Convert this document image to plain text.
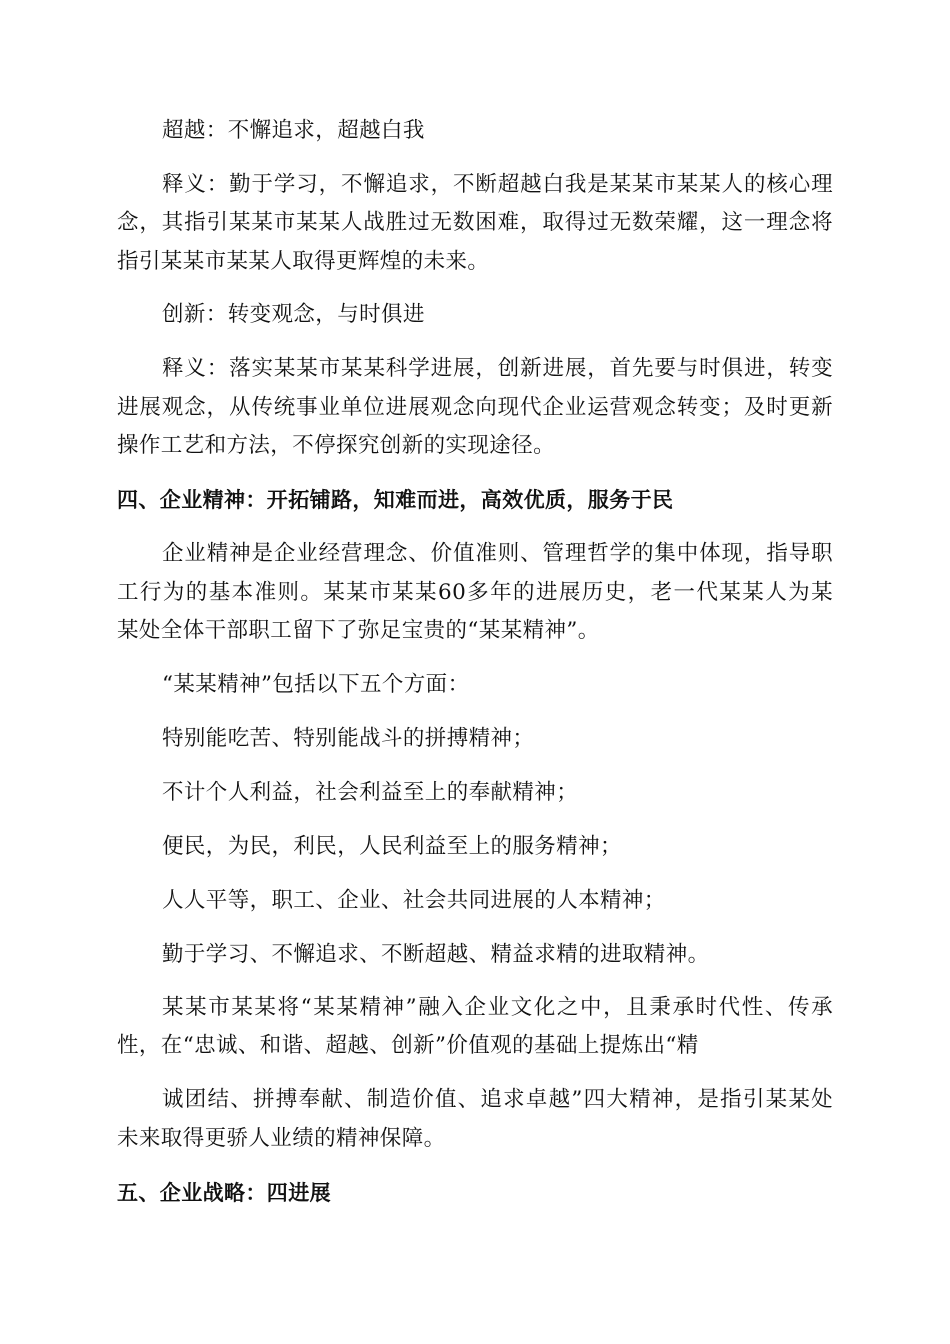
超越：不懈追求，超越白我

释义：勤于学习，不懈追求，不断超越白我是某某市某某人的核心理

念，其指引某某市某某人战胜过无数困难，取得过无数荣耀，这一理念将

指引某某市某某人取得更辉煌的未来。

创新：转变观念，与时俱进

释义：落实某某市某某科学进展，创新进展，首先要与时俱进，转变

进展观念，从传统事业单位进展观念向现代企业运营观念转变；及时更新

操作工艺和方法，不停探究创新的实现途径。

四、企业精神：开拓铺路，知难而进，高效优质，服务于民

企业精神是企业经营理念、价值准则、管理哲学的集中体现，指导职

工行为的基本准则。某某市某某60多年的进展历史，老一代某某人为某

某处全体干部职工留下了弥足宝贵的“某某精神”。

“某某精神”包括以下五个方面：

特别能吃苦、特别能战斗的拼搏精神；

不计个人利益，社会利益至上的奉献精神；

便民，为民，利民，人民利益至上的服务精神；

人人平等，职工、企业、社会共同进展的人本精神；

勤于学习、不懈追求、不断超越、精益求精的进取精神。

某某市某某将“某某精神”融入企业文化之中，且秉承时代性、传承

性，在“忠诚、和谐、超越、创新”价值观的基础上提炼出“精

诚团结、拼搏奉献、制造价值、追求卓越”四大精神，是指引某某处

未来取得更骄人业绩的精神保障。

五、企业战略：四进展
